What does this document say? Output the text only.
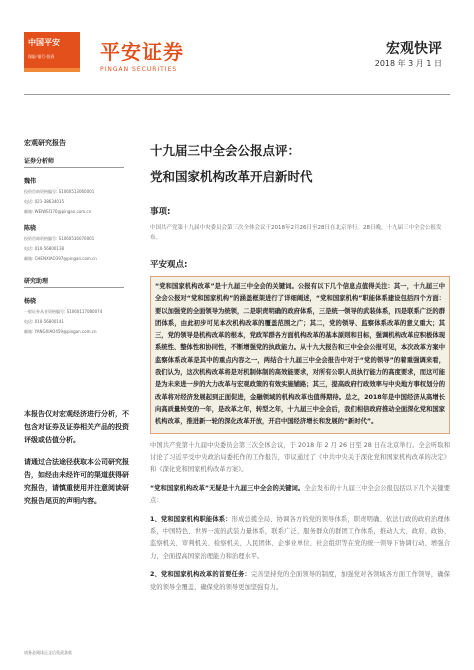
中国平安
保险·银行·投资 平安证券
PINGAN SECURITIES
宏观快评
2018 年 3 月 1 日
宏观研究报告
证券分析师
魏伟
投资咨询资格编号: S1060513060001
电话: 021-38634015
邮箱: WEIWEI170@pingan.com.cn
陈骁
投资咨询资格编号: S1060516070001
电话: 010-56800138
邮箱: CHENXIAO397@pingan.com.cn
研究助理
杨骁
一般证券从业资格编号: S1060117080074
电话: 010-56800141
邮箱: YANGXIAO459@pingan.com.cn

本报告仅对宏观经济进行分析，不包含对证券及证券相关产品的投资评级或估值分析。

请通过合法途径获取本公司研究报告，如经由未经许可的渠道获得研究报告，请慎重使用并注意阅读研究报告尾页的声明内容。

请务必阅读正文后免责条款
十九届三中全会公报点评：
党和国家机构改革开启新时代
事项:
中国共产党第十九届中央委员会第三次全体会议于2018年2月26日至28日在北京举行。28日晚，十九届三中全会公报发布。
平安观点:

“党和国家机构改革”是十九届三中全会的关键词。公报有以下几个信息点值得关注：其一，十九届三中全会公报对“党和国家机构”的涵盖框架进行了详细阐述，“党和国家机构”职能体系建设包括四个方面：要以加强党的全面领导为统领，二是职责明确的政府体系，三是统一领导的武装体系，四是联系广泛的群团体系，由此初步可见本次机构改革的覆盖范围之广；其二，党的领导、监察体系改革的意义重大；其三，党的领导是机构改革的根本，党政军群各方面机构改革的基本原则和目标，强调机构改革应积极体现系统性、整体性和协同性，不断增强党的执政能力。从十九大报告和三中全会公报可见，本次改革方案中监察体系改革是其中的重点内容之一，两结合十九届三中全会报告中对于“党的领导”的着重强调来看，我们认为，这次机构改革将是对机制体制的高效能要求，对所有公职人员执行能力的高度要求，而这可能是为未来进一步的大力改革与宏观政策的有效实施铺路；其三，提高政府行政效率与中央地方事权划分的改革将对经济发展起到正面促进，金融领域的机构改革也值得期待。总之，2018年是中国经济从高增长向高质量转变的一年，是改革之年，转型之年，十九届三中全会后，我们相信政府推动全面深化党和国家机构改革，推进新一轮的深化改革开放，开启中国经济增长和发展的“新时代”。

中国共产党第十九届中央委员会第三次全体会议，于 2018 年 2 月 26 日至 28 日在北京举行。全会听取和讨论了习近平受中央政治局委托作的工作报告，审议通过了《中共中央关于深化党和国家机构改革的决定》和《深化党和国家机构改革方案》。

“党和国家机构改革”无疑是十九届三中全会的关键词。全会发布的十九届三中全会公报包括以下几个关键要点：

1、党和国家机构职能体系：形成总揽全局、协调各方的党的领导体系，职责明确、依法行政的政府治理体系，中国特色、世界一流的武装力量体系，联系广泛、服务群众的群团工作体系，推动人大、政府、政协、监察机关、审判机关、检察机关、人民团体、企事业单位、社会组织等在党的统一领导下协调行动、增强合力，全面提高国家治理能力和治理水平。

2、党和国家机构改革的首要任务：完善坚持党的全面领导的制度，加强党对各领域各方面工作领导，确保党的领导全覆盖，确保党的领导更加坚强有力。
